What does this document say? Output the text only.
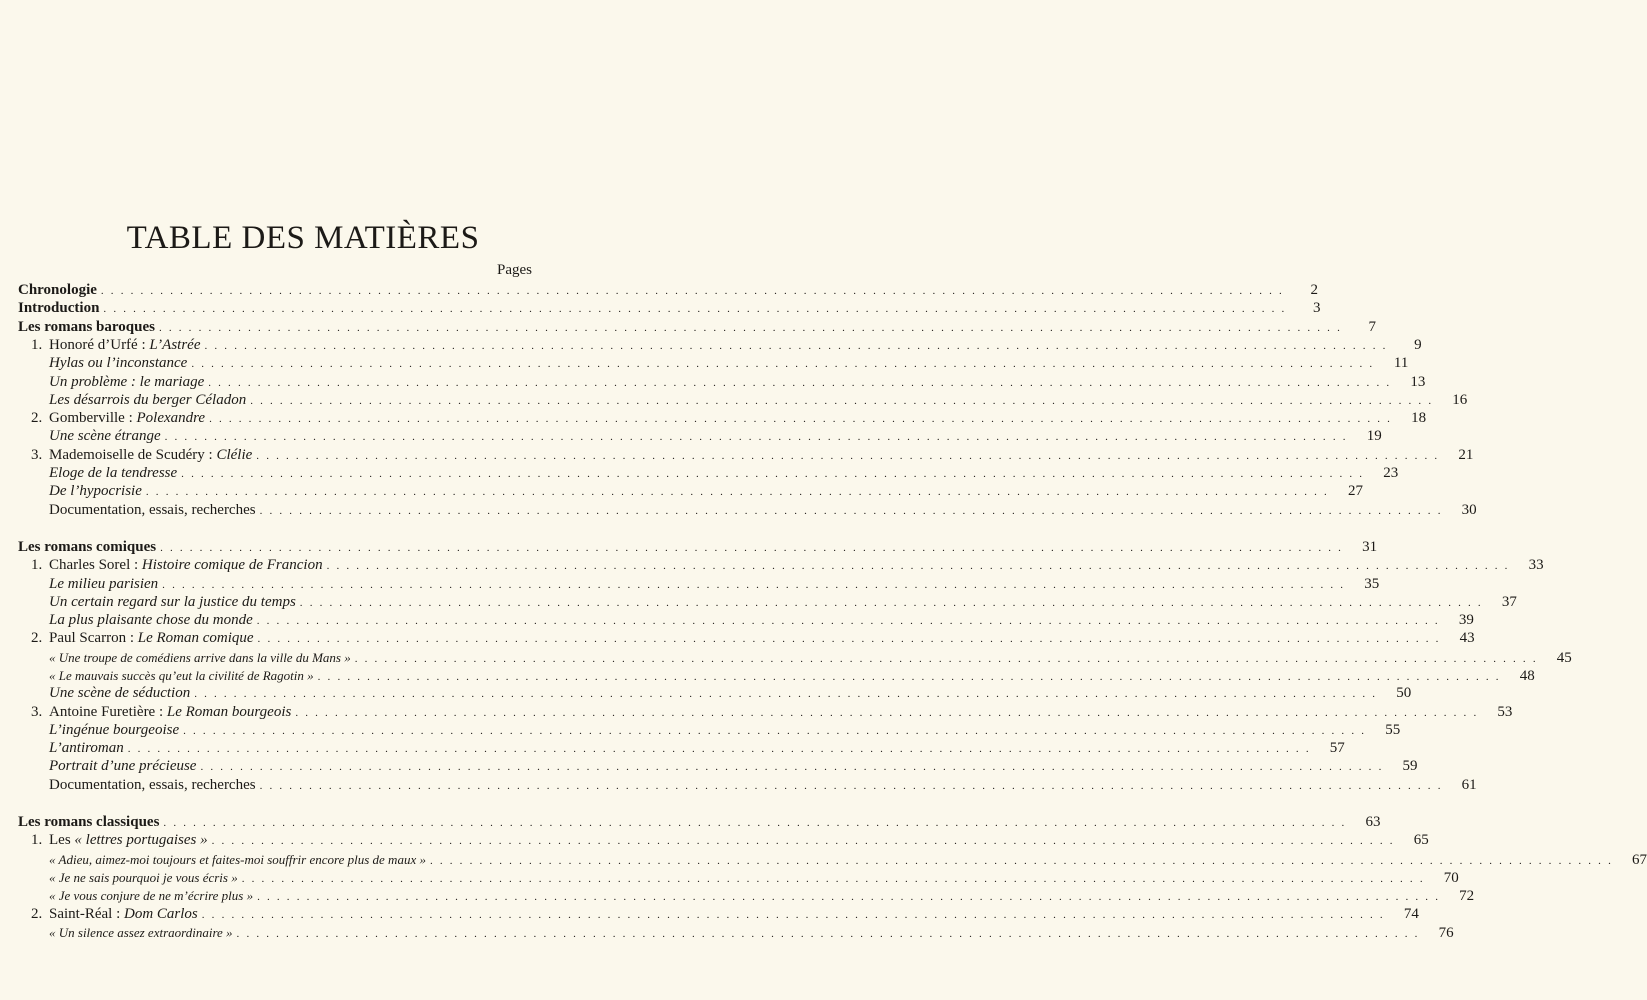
TABLE DES MATIÈRES
Pages
Chronologie . . . . . . . . . . . . . . . . . . . . . . . . . . . . . . . . . . . . . . . . . . . . . . . . . . . . . . . . . . . . . . . . . . . . . . . . . . . . . . . . . . . . . . . . . . . . . . . . . . . . . . . . . . . . . . . . . . . . . . . .	2
Introduction . . . . . . . . . . . . . . . . . . . . . . . . . . . . . . . . . . . . . . . . . . . . . . . . . . . . . . . . . . . . . . . . . . . . . . . . . . . . . . . . . . . . . . . . . . . . . . . . . . . . . . . . . . . . . . . . . . . . . . . .	3
Les romans baroques . . . . . . . . . . . . . . . . . . . . . . . . . . . . . . . . . . . . . . . . . . . . . . . . . . . . . . . . . . . . . . . . . . . . . . . . . . . . . . . . . . . . . . . . . . . . . . . . . . . . . . . . . . . . . . . . . . . . . . . .	7
1. Honoré d’Urfé : L’Astrée . . . . . . . . . . . . . . . . . . . . . . . . . . . . . . . . . . . . . . . . . . . . . . . . . . . . . . . . . . . . . . . . . . . . . . . . . . . . . . . . . . . . . . . . . . . . . . . . . . . . . . . . . . . . . . . . . . . . . . . .	9
Hylas ou l’inconstance . . . . . . . . . . . . . . . . . . . . . . . . . . . . . . . . . . . . . . . . . . . . . . . . . . . . . . . . . . . . . . . . . . . . . . . . . . . . . . . . . . . . . . . . . . . . . . . . . . . . . . . . . . . . . . . . . . . . . . . .	11
Un problème : le mariage . . . . . . . . . . . . . . . . . . . . . . . . . . . . . . . . . . . . . . . . . . . . . . . . . . . . . . . . . . . . . . . . . . . . . . . . . . . . . . . . . . . . . . . . . . . . . . . . . . . . . . . . . . . . . . . . . . . . . . . .	13
Les désarrois du berger Céladon . . . . . . . . . . . . . . . . . . . . . . . . . . . . . . . . . . . . . . . . . . . . . . . . . . . . . . . . . . . . . . . . . . . . . . . . . . . . . . . . . . . . . . . . . . . . . . . . . . . . . . . . . . . . . . . . . . . . . . . .	16
2. Gomberville : Polexandre . . . . . . . . . . . . . . . . . . . . . . . . . . . . . . . . . . . . . . . . . . . . . . . . . . . . . . . . . . . . . . . . . . . . . . . . . . . . . . . . . . . . . . . . . . . . . . . . . . . . . . . . . . . . . . . . . . . . . . . .	18
Une scène étrange . . . . . . . . . . . . . . . . . . . . . . . . . . . . . . . . . . . . . . . . . . . . . . . . . . . . . . . . . . . . . . . . . . . . . . . . . . . . . . . . . . . . . . . . . . . . . . . . . . . . . . . . . . . . . . . . . . . . . . . .	19
3. Mademoiselle de Scudéry : Clélie . . . . . . . . . . . . . . . . . . . . . . . . . . . . . . . . . . . . . . . . . . . . . . . . . . . . . . . . . . . . . . . . . . . . . . . . . . . . . . . . . . . . . . . . . . . . . . . . . . . . . . . . . . . . . . . . . . . . . . . .	21
Eloge de la tendresse . . . . . . . . . . . . . . . . . . . . . . . . . . . . . . . . . . . . . . . . . . . . . . . . . . . . . . . . . . . . . . . . . . . . . . . . . . . . . . . . . . . . . . . . . . . . . . . . . . . . . . . . . . . . . . . . . . . . . . . .	23
De l’hypocrisie . . . . . . . . . . . . . . . . . . . . . . . . . . . . . . . . . . . . . . . . . . . . . . . . . . . . . . . . . . . . . . . . . . . . . . . . . . . . . . . . . . . . . . . . . . . . . . . . . . . . . . . . . . . . . . . . . . . . . . . .	27
Documentation, essais, recherches . . . . . . . . . . . . . . . . . . . . . . . . . . . . . . . . . . . . . . . . . . . . . . . . . . . . . . . . . . . . . . . . . . . . . . . . . . . . . . . . . . . . . . . . . . . . . . . . . . . . . . . . . . . . . . . . . . . . . . . .	30
Les romans comiques . . . . . . . . . . . . . . . . . . . . . . . . . . . . . . . . . . . . . . . . . . . . . . . . . . . . . . . . . . . . . . . . . . . . . . . . . . . . . . . . . . . . . . . . . . . . . . . . . . . . . . . . . . . . . . . . . . . . . . . .	31
1. Charles Sorel : Histoire comique de Francion . . . . . . . . . . . . . . . . . . . . . . . . . . . . . . . . . . . . . . . . . . . . . . . . . . . . . . . . . . . . . . . . . . . . . . . . . . . . . . . . . . . . . . . . . . . . . . . . . . . . . . . . . . . . . . . . . . . . . . . .	33
Le milieu parisien . . . . . . . . . . . . . . . . . . . . . . . . . . . . . . . . . . . . . . . . . . . . . . . . . . . . . . . . . . . . . . . . . . . . . . . . . . . . . . . . . . . . . . . . . . . . . . . . . . . . . . . . . . . . . . . . . . . . . . . .	35
Un certain regard sur la justice du temps . . . . . . . . . . . . . . . . . . . . . . . . . . . . . . . . . . . . . . . . . . . . . . . . . . . . . . . . . . . . . . . . . . . . . . . . . . . . . . . . . . . . . . . . . . . . . . . . . . . . . . . . . . . . . . . . . . . . . . . .	37
La plus plaisante chose du monde . . . . . . . . . . . . . . . . . . . . . . . . . . . . . . . . . . . . . . . . . . . . . . . . . . . . . . . . . . . . . . . . . . . . . . . . . . . . . . . . . . . . . . . . . . . . . . . . . . . . . . . . . . . . . . . . . . . . . . . .	39
2. Paul Scarron : Le Roman comique . . . . . . . . . . . . . . . . . . . . . . . . . . . . . . . . . . . . . . . . . . . . . . . . . . . . . . . . . . . . . . . . . . . . . . . . . . . . . . . . . . . . . . . . . . . . . . . . . . . . . . . . . . . . . . . . . . . . . . . .	43
« Une troupe de comédiens arrive dans la ville du Mans » . . . . . . . . . . . . . . . . . . . . . . . . . . . . . . . . . . . . . . . . . . . . . . . . . . . . . . . . . . . . . . . . . . . . . . . . . . . . . . . . . . . . . . . . . . . . . . . . . . . . . . . . . . . . . . . . . . . . . . . .	45
« Le mauvais succès qu’eut la civilité de Ragotin » . . . . . . . . . . . . . . . . . . . . . . . . . . . . . . . . . . . . . . . . . . . . . . . . . . . . . . . . . . . . . . . . . . . . . . . . . . . . . . . . . . . . . . . . . . . . . . . . . . . . . . . . . . . . . . . . . . . . . . . .	48
Une scène de séduction . . . . . . . . . . . . . . . . . . . . . . . . . . . . . . . . . . . . . . . . . . . . . . . . . . . . . . . . . . . . . . . . . . . . . . . . . . . . . . . . . . . . . . . . . . . . . . . . . . . . . . . . . . . . . . . . . . . . . . . .	50
3. Antoine Furetière : Le Roman bourgeois . . . . . . . . . . . . . . . . . . . . . . . . . . . . . . . . . . . . . . . . . . . . . . . . . . . . . . . . . . . . . . . . . . . . . . . . . . . . . . . . . . . . . . . . . . . . . . . . . . . . . . . . . . . . . . . . . . . . . . . .	53
L’ingénue bourgeoise . . . . . . . . . . . . . . . . . . . . . . . . . . . . . . . . . . . . . . . . . . . . . . . . . . . . . . . . . . . . . . . . . . . . . . . . . . . . . . . . . . . . . . . . . . . . . . . . . . . . . . . . . . . . . . . . . . . . . . . .	55
L’antiroman . . . . . . . . . . . . . . . . . . . . . . . . . . . . . . . . . . . . . . . . . . . . . . . . . . . . . . . . . . . . . . . . . . . . . . . . . . . . . . . . . . . . . . . . . . . . . . . . . . . . . . . . . . . . . . . . . . . . . . . .	57
Portrait d’une précieuse . . . . . . . . . . . . . . . . . . . . . . . . . . . . . . . . . . . . . . . . . . . . . . . . . . . . . . . . . . . . . . . . . . . . . . . . . . . . . . . . . . . . . . . . . . . . . . . . . . . . . . . . . . . . . . . . . . . . . . . .	59
Documentation, essais, recherches . . . . . . . . . . . . . . . . . . . . . . . . . . . . . . . . . . . . . . . . . . . . . . . . . . . . . . . . . . . . . . . . . . . . . . . . . . . . . . . . . . . . . . . . . . . . . . . . . . . . . . . . . . . . . . . . . . . . . . . .	61
Les romans classiques . . . . . . . . . . . . . . . . . . . . . . . . . . . . . . . . . . . . . . . . . . . . . . . . . . . . . . . . . . . . . . . . . . . . . . . . . . . . . . . . . . . . . . . . . . . . . . . . . . . . . . . . . . . . . . . . . . . . . . . .	63
1. Les « lettres portugaises » . . . . . . . . . . . . . . . . . . . . . . . . . . . . . . . . . . . . . . . . . . . . . . . . . . . . . . . . . . . . . . . . . . . . . . . . . . . . . . . . . . . . . . . . . . . . . . . . . . . . . . . . . . . . . . . . . . . . . . . .	65
« Adieu, aimez-moi toujours et faites-moi souffrir encore plus de maux » . . . . . . . . . . . . . . . . . . . . . . . . . . . . . . . . . . . . . . . . . . . . . . . . . . . . . . . . . . . . . . . . . . . . . . . . . . . . . . . . . . . . . . . . . . . . . . . . . . . . . . . . . . . . . . . . . . . . . . . .	67
« Je ne sais pourquoi je vous écris » . . . . . . . . . . . . . . . . . . . . . . . . . . . . . . . . . . . . . . . . . . . . . . . . . . . . . . . . . . . . . . . . . . . . . . . . . . . . . . . . . . . . . . . . . . . . . . . . . . . . . . . . . . . . . . . . . . . . . . . .	70
« Je vous conjure de ne m’écrire plus » . . . . . . . . . . . . . . . . . . . . . . . . . . . . . . . . . . . . . . . . . . . . . . . . . . . . . . . . . . . . . . . . . . . . . . . . . . . . . . . . . . . . . . . . . . . . . . . . . . . . . . . . . . . . . . . . . . . . . . . .	72
2. Saint-Réal : Dom Carlos . . . . . . . . . . . . . . . . . . . . . . . . . . . . . . . . . . . . . . . . . . . . . . . . . . . . . . . . . . . . . . . . . . . . . . . . . . . . . . . . . . . . . . . . . . . . . . . . . . . . . . . . . . . . . . . . . . . . . . . .	74
« Un silence assez extraordinaire » . . . . . . . . . . . . . . . . . . . . . . . . . . . . . . . . . . . . . . . . . . . . . . . . . . . . . . . . . . . . . . . . . . . . . . . . . . . . . . . . . . . . . . . . . . . . . . . . . . . . . . . . . . . . . . . . . . . . . . . .	76
